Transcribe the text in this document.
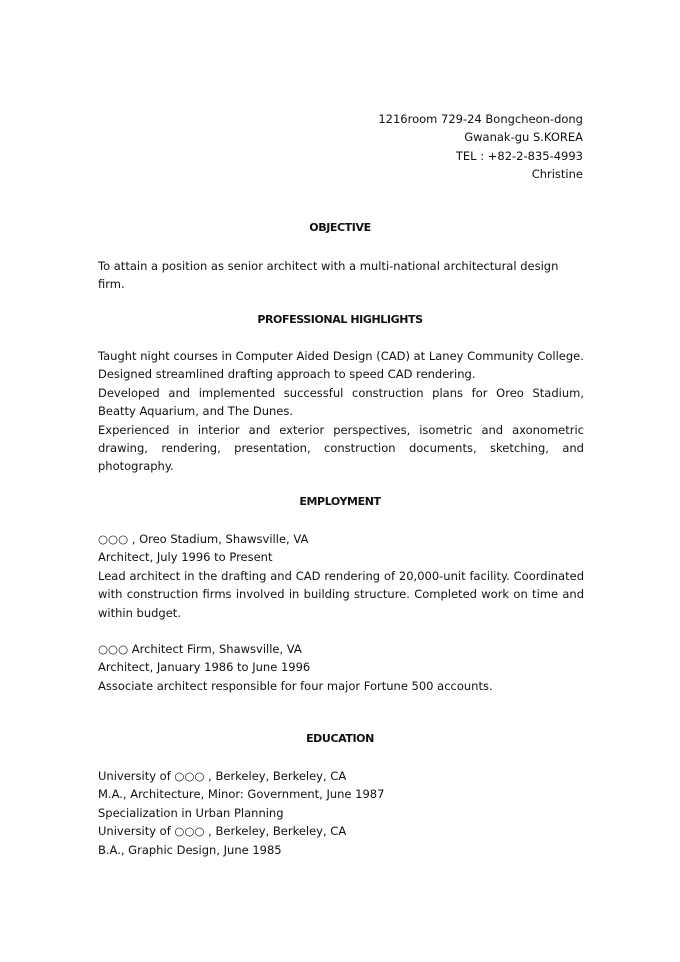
1216room 729-24 Bongcheon-dong
Gwanak-gu S.KOREA
TEL : +82-2-835-4993
Christine
OBJECTIVE
To attain a position as senior architect with a multi-national architectural design firm.
PROFESSIONAL HIGHLIGHTS
Taught night courses in Computer Aided Design (CAD) at Laney Community College.
Designed streamlined drafting approach to speed CAD rendering.
Developed and implemented successful construction plans for Oreo Stadium, Beatty Aquarium, and The Dunes.
Experienced in interior and exterior perspectives, isometric and axonometric drawing, rendering, presentation, construction documents, sketching, and photography.
EMPLOYMENT
○○○ , Oreo Stadium, Shawsville, VA
Architect, July 1996 to Present
Lead architect in the drafting and CAD rendering of 20,000-unit facility. Coordinated with construction firms involved in building structure. Completed work on time and within budget.
○○○ Architect Firm, Shawsville, VA
Architect, January 1986 to June 1996
Associate architect responsible for four major Fortune 500 accounts.
EDUCATION
University of ○○○ , Berkeley, Berkeley, CA
M.A., Architecture, Minor: Government, June 1987
Specialization in Urban Planning
University of ○○○ , Berkeley, Berkeley, CA
B.A., Graphic Design, June 1985
